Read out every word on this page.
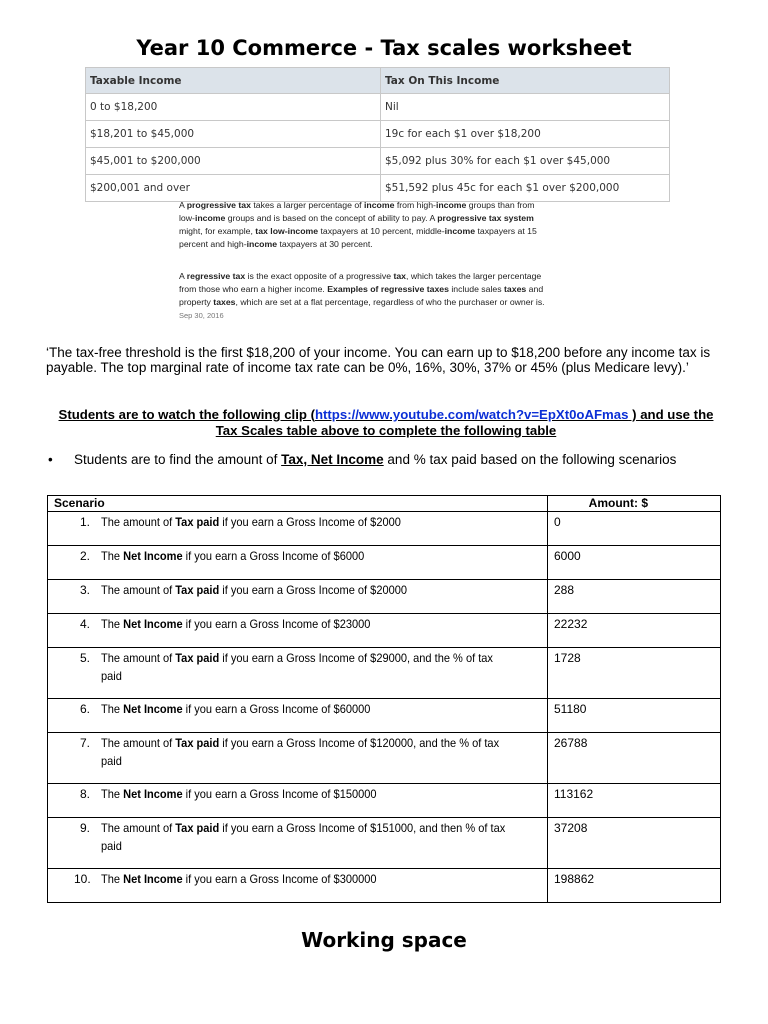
Year 10 Commerce - Tax scales worksheet
Taxable Income	Tax On This Income
0 to $18,200	Nil
$18,201 to $45,000	19c for each $1 over $18,200
$45,001 to $200,000	$5,092 plus 30% for each $1 over $45,000
$200,001 and over	$51,592 plus 45c for each $1 over $200,000
A progressive tax takes a larger percentage of income from high-income groups than from low-income groups and is based on the concept of ability to pay. A progressive tax system might, for example, tax low-income taxpayers at 10 percent, middle-income taxpayers at 15 percent and high-income taxpayers at 30 percent.
A regressive tax is the exact opposite of a progressive tax, which takes the larger percentage from those who earn a higher income. Examples of regressive taxes include sales taxes and property taxes, which are set at a flat percentage, regardless of who the purchaser or owner is. Sep 30, 2016
‘The tax-free threshold is the first $18,200 of your income. You can earn up to $18,200 before any income tax is payable. The top marginal rate of income tax rate can be 0%, 16%, 30%, 37% or 45% (plus Medicare levy).’
Students are to watch the following clip (https://www.youtube.com/watch?v=EpXt0oAFmas ) and use the Tax Scales table above to complete the following table
• Students are to find the amount of Tax, Net Income and % tax paid based on the following scenarios
Scenario	Amount: $

1. The amount of Tax paid if you earn a Gross Income of $2000	0

2. The Net Income if you earn a Gross Income of $6000	6000

3. The amount of Tax paid if you earn a Gross Income of $20000	288

4. The Net Income if you earn a Gross Income of $23000	22232

5. The amount of Tax paid if you earn a Gross Income of $29000, and the % of tax paid	1728

6. The Net Income if you earn a Gross Income of $60000	51180

7. The amount of Tax paid if you earn a Gross Income of $120000, and the % of tax paid	26788

8. The Net Income if you earn a Gross Income of $150000	113162

9. The amount of Tax paid if you earn a Gross Income of $151000, and then % of tax paid	37208

10. The Net Income if you earn a Gross Income of $300000	198862
Working space
